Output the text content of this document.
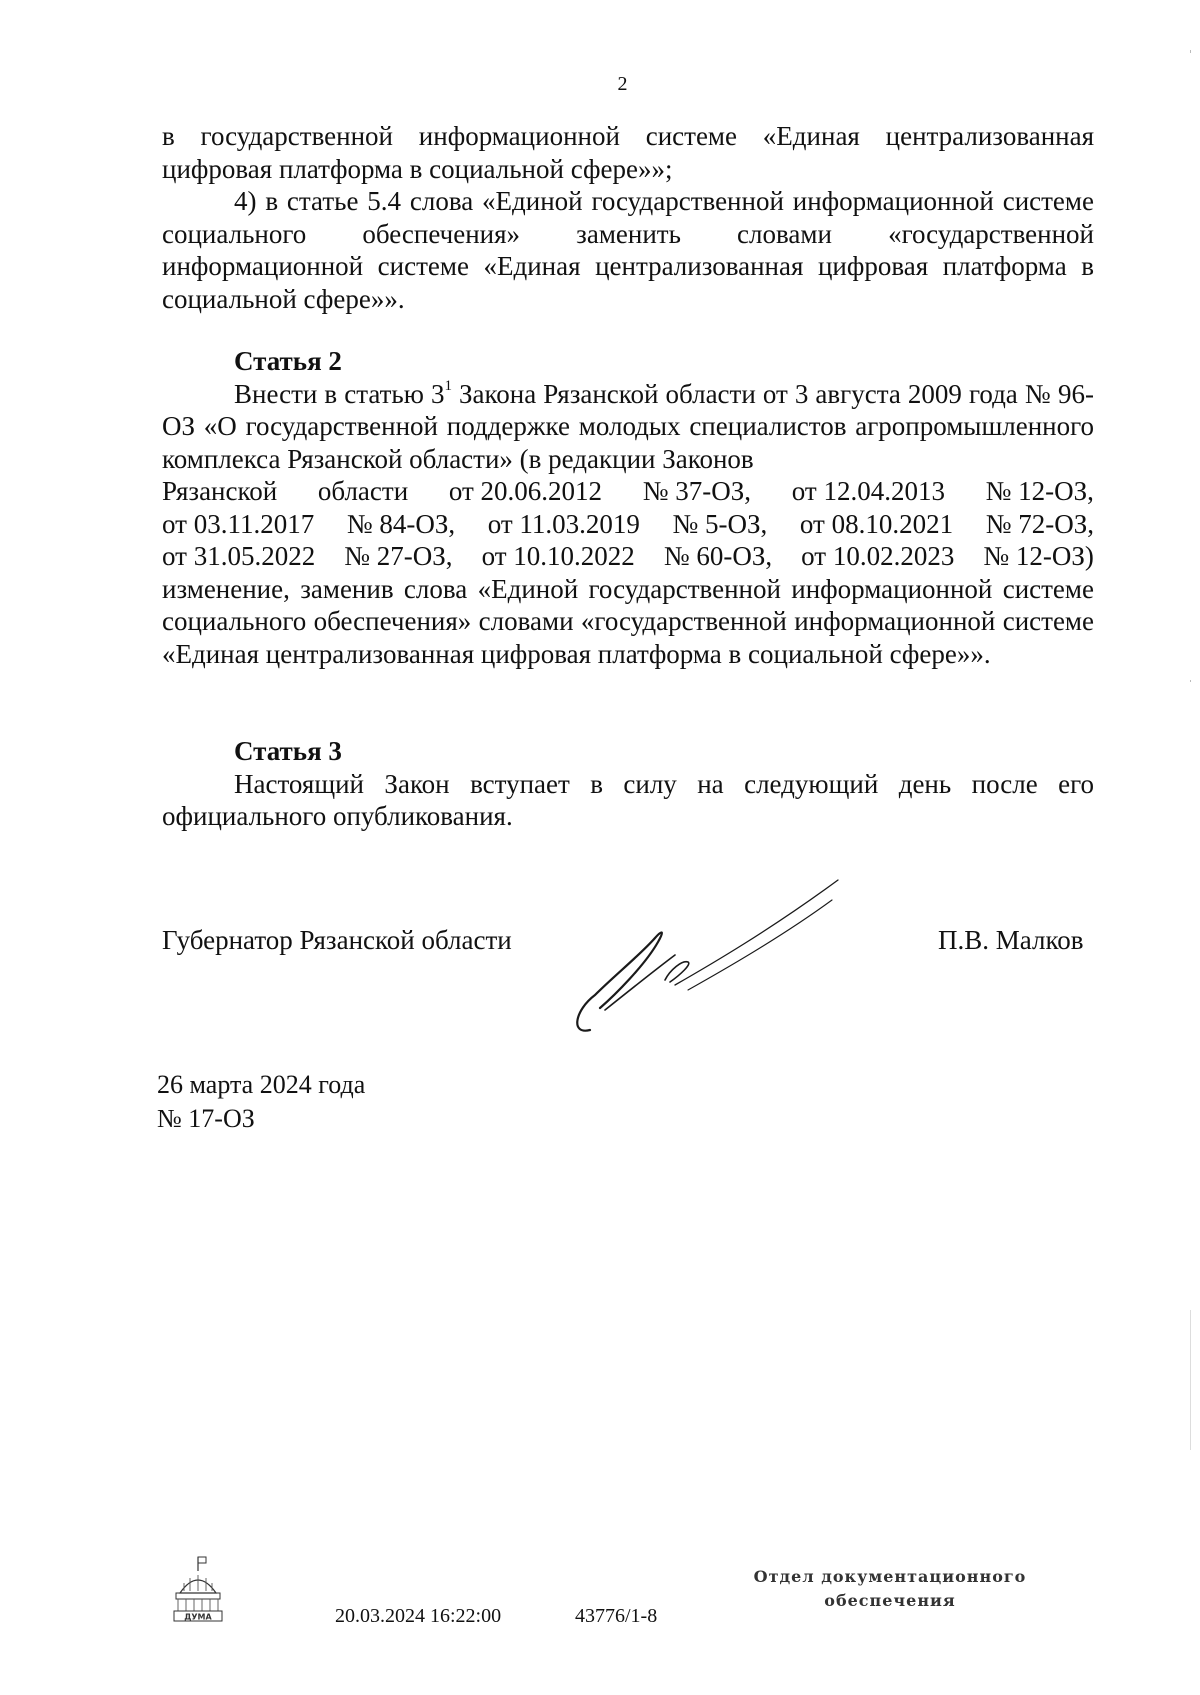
2

в государственной информационной системе «Единая централизованная цифровая платформа в социальной сфере»»;

4) в статье 5.4 слова «Единой государственной информационной системе социального обеспечения» заменить словами «государственной информационной системе «Единая централизованная цифровая платформа в социальной сфере»».

Статья 2

Внести в статью $3^1$ Закона Рязанской области от 3 августа 2009 года № 96-ОЗ «О государственной поддержке молодых специалистов агропромышленного комплекса Рязанской области» (в редакции Законов

Рязанской области от 20.06.2012 № 37-ОЗ, от 12.04.2013 № 12-ОЗ,
от 03.11.2017 № 84-ОЗ, от 11.03.2019 № 5-ОЗ, от 08.10.2021 № 72-ОЗ,
от 31.05.2022 № 27-ОЗ, от 10.10.2022 № 60-ОЗ, от 10.02.2023 № 12-ОЗ)

изменение, заменив слова «Единой государственной информационной системе социального обеспечения» словами «государственной информационной системе «Единая централизованная цифровая платформа в социальной сфере»».

Статья 3

Настоящий Закон вступает в силу на следующий день после его официального опубликования.

Губернатор Рязанской области	П.В. Малков
26 марта 2024 года
№ 17-ОЗ
ДУМА	20.03.2024 16:22:00	43776/1-8
Отдел документационного
обеспечения
